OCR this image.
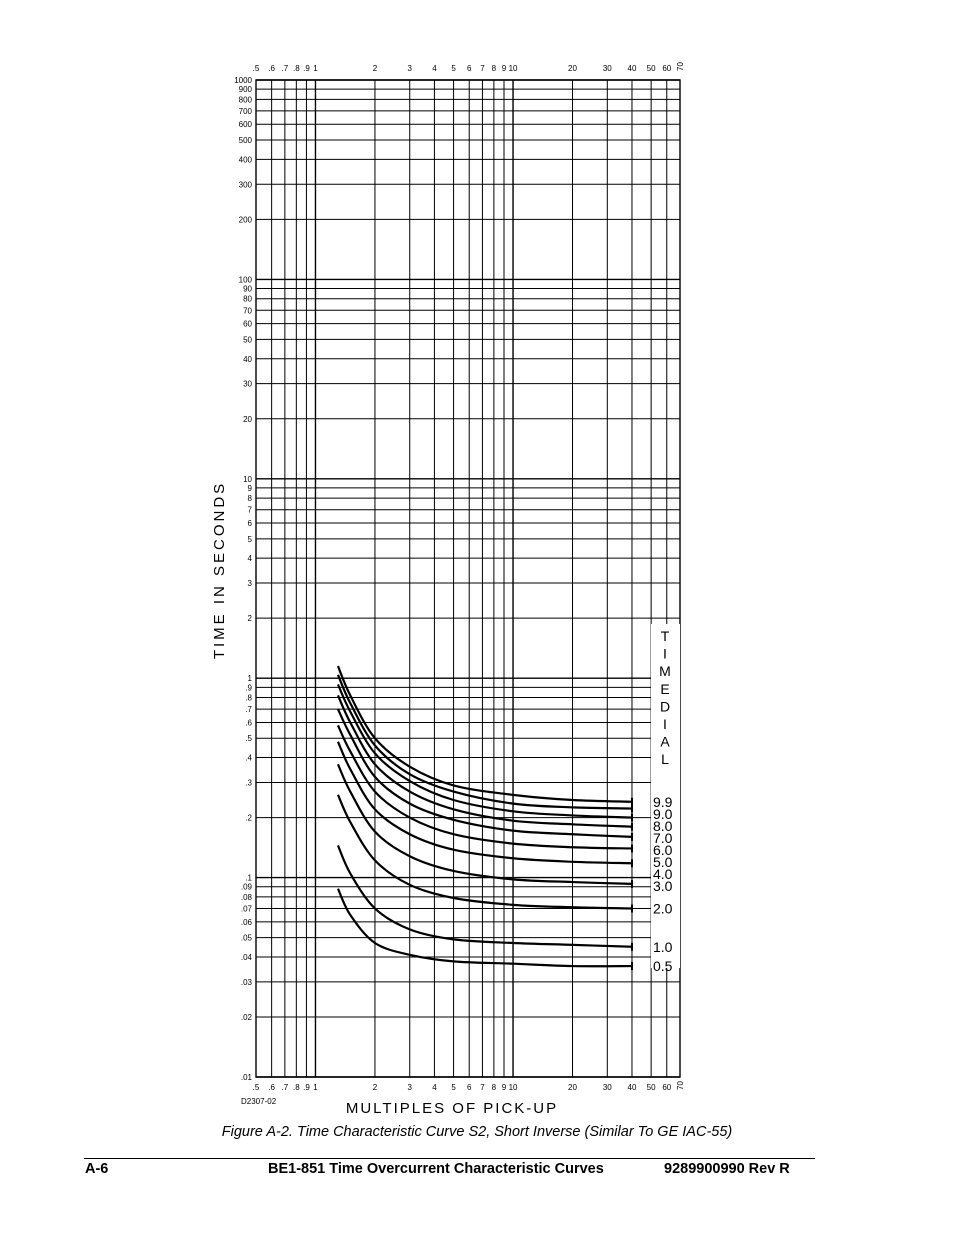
.5 .6 .7 .8 .9 1	2	3	4 5 6 7 8 9 10	20	30 40 50 60 70
.5 .6 .7 .8 .9 1	2	3	4 5 6 7 8 9 10	20	30 40 50 60 70
1000
900
800
700
600
500
400
300
200
100
90
80
70
60
50
40
30
20
10
9
8
7
6
5
4
3
2
1
.9
.8
.7
.6
.5
.4
.3
.2
.1
.09
.08
.07
.06
.05
.04
.03
.02
.01
T
I
M
E
D
I
A
L
9.9
9.0
8.0
7.0
6.0
5.0
4.0
3.0
2.0
1.0
0.5
TIME IN SECONDS
MULTIPLES OF PICK-UP
D2307-02
Figure A-2. Time Characteristic Curve S2, Short Inverse (Similar To GE IAC-55)
A-6	BE1-851 Time Overcurrent Characteristic Curves	9289900990 Rev R
